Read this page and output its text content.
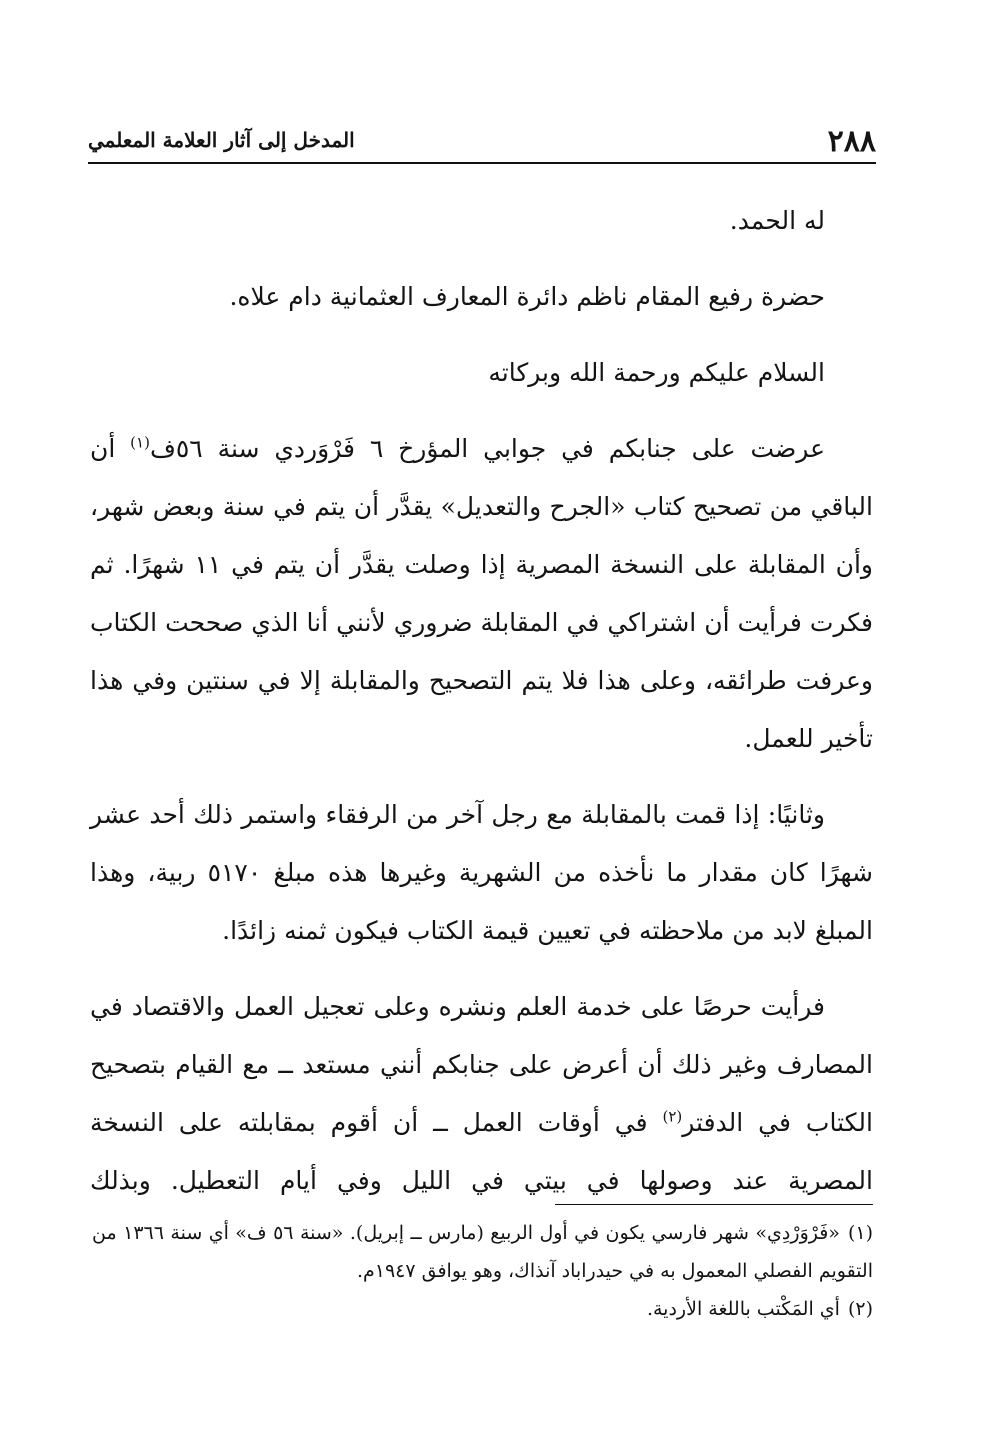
٢٨٨
المدخل إلى آثار العلامة المعلمي

له الحمد.

حضرة رفيع المقام ناظم دائرة المعارف العثمانية دام علاه.

السلام عليكم ورحمة الله وبركاته

عرضت على جنابكم في جوابي المؤرخ ٦ فَرْوَردي سنة ٥٦ف$^{(١)}$ أن الباقي من تصحيح كتاب «الجرح والتعديل» يقدَّر أن يتم في سنة وبعض شهر، وأن المقابلة على النسخة المصرية إذا وصلت يقدَّر أن يتم في ١١ شهرًا. ثم فكرت فرأيت أن اشتراكي في المقابلة ضروري لأنني أنا الذي صححت الكتاب وعرفت طرائقه، وعلى هذا فلا يتم التصحيح والمقابلة إلا في سنتين وفي هذا تأخير للعمل.

وثانيًا: إذا قمت بالمقابلة مع رجل آخر من الرفقاء واستمر ذلك أحد عشر شهرًا كان مقدار ما نأخذه من الشهرية وغيرها هذه مبلغ ٥١٧٠ ربية، وهذا المبلغ لابد من ملاحظته في تعيين قيمة الكتاب فيكون ثمنه زائدًا.

فرأيت حرصًا على خدمة العلم ونشره وعلى تعجيل العمل والاقتصاد في المصارف وغير ذلك أن أعرض على جنابكم أنني مستعد ــ مع القيام بتصحيح الكتاب في الدفتر$^{(٢)}$ في أوقات العمل ــ أن أقوم بمقابلته على النسخة المصرية عند وصولها في بيتي في الليل وفي أيام التعطيل. وبذلك

(١)«فَرْوَرْدِي» شهر فارسي يكون في أول الربيع (مارس ــ إبريل). «سنة ٥٦ ف» أي سنة ١٣٦٦ من التقويم الفصلي المعمول به في حيدراباد آنذاك، وهو يوافق ١٩٤٧م.

(٢)أي المَكْتب باللغة الأردية.
